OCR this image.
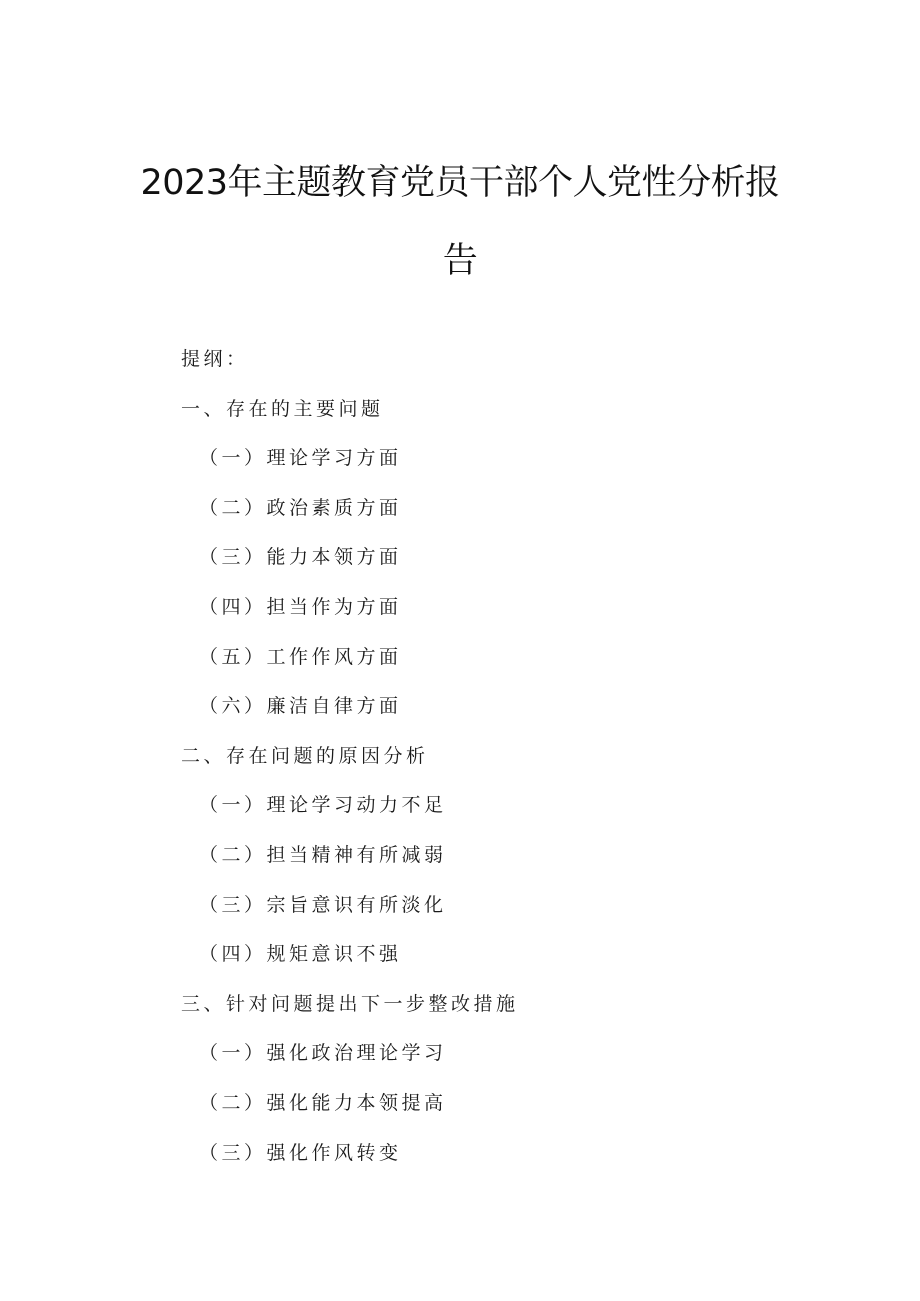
2023年主题教育党员干部个人党性分析报
告
提纲：
一、存在的主要问题
（一）理论学习方面
（二）政治素质方面
（三）能力本领方面
（四）担当作为方面
（五）工作作风方面
（六）廉洁自律方面
二、存在问题的原因分析
（一）理论学习动力不足
（二）担当精神有所减弱
（三）宗旨意识有所淡化
（四）规矩意识不强
三、针对问题提出下一步整改措施
（一）强化政治理论学习
（二）强化能力本领提高
（三）强化作风转变
